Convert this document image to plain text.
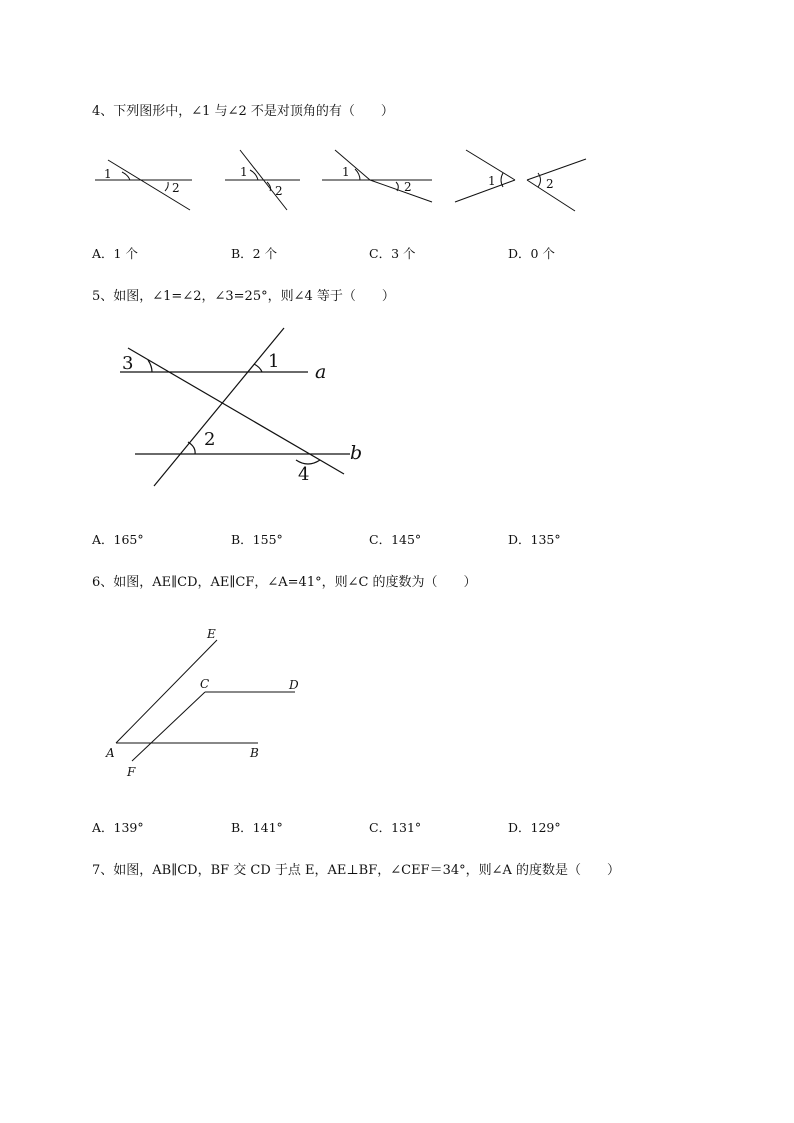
4、下列图形中，∠1 与∠2 不是对顶角的有（　　）
1
2
1
2
1
2	1	2
A．1 个	B．2 个	C．3 个	D．0 个
5、如图，∠1=∠2，∠3=25°，则∠4 等于（　　）
3	1
2
4
a
b
A．165°	B．155°	C．145°	D．135°
6、如图，AE∥CD，AE∥CF，∠A=41°，则∠C 的度数为（　　）
E
C	D
A	B
F
A．139°	B．141°	C．131°	D．129°
7、如图，AB∥CD，BF 交 CD 于点 E，AE⊥BF，∠CEF＝34°，则∠A 的度数是（　　）
